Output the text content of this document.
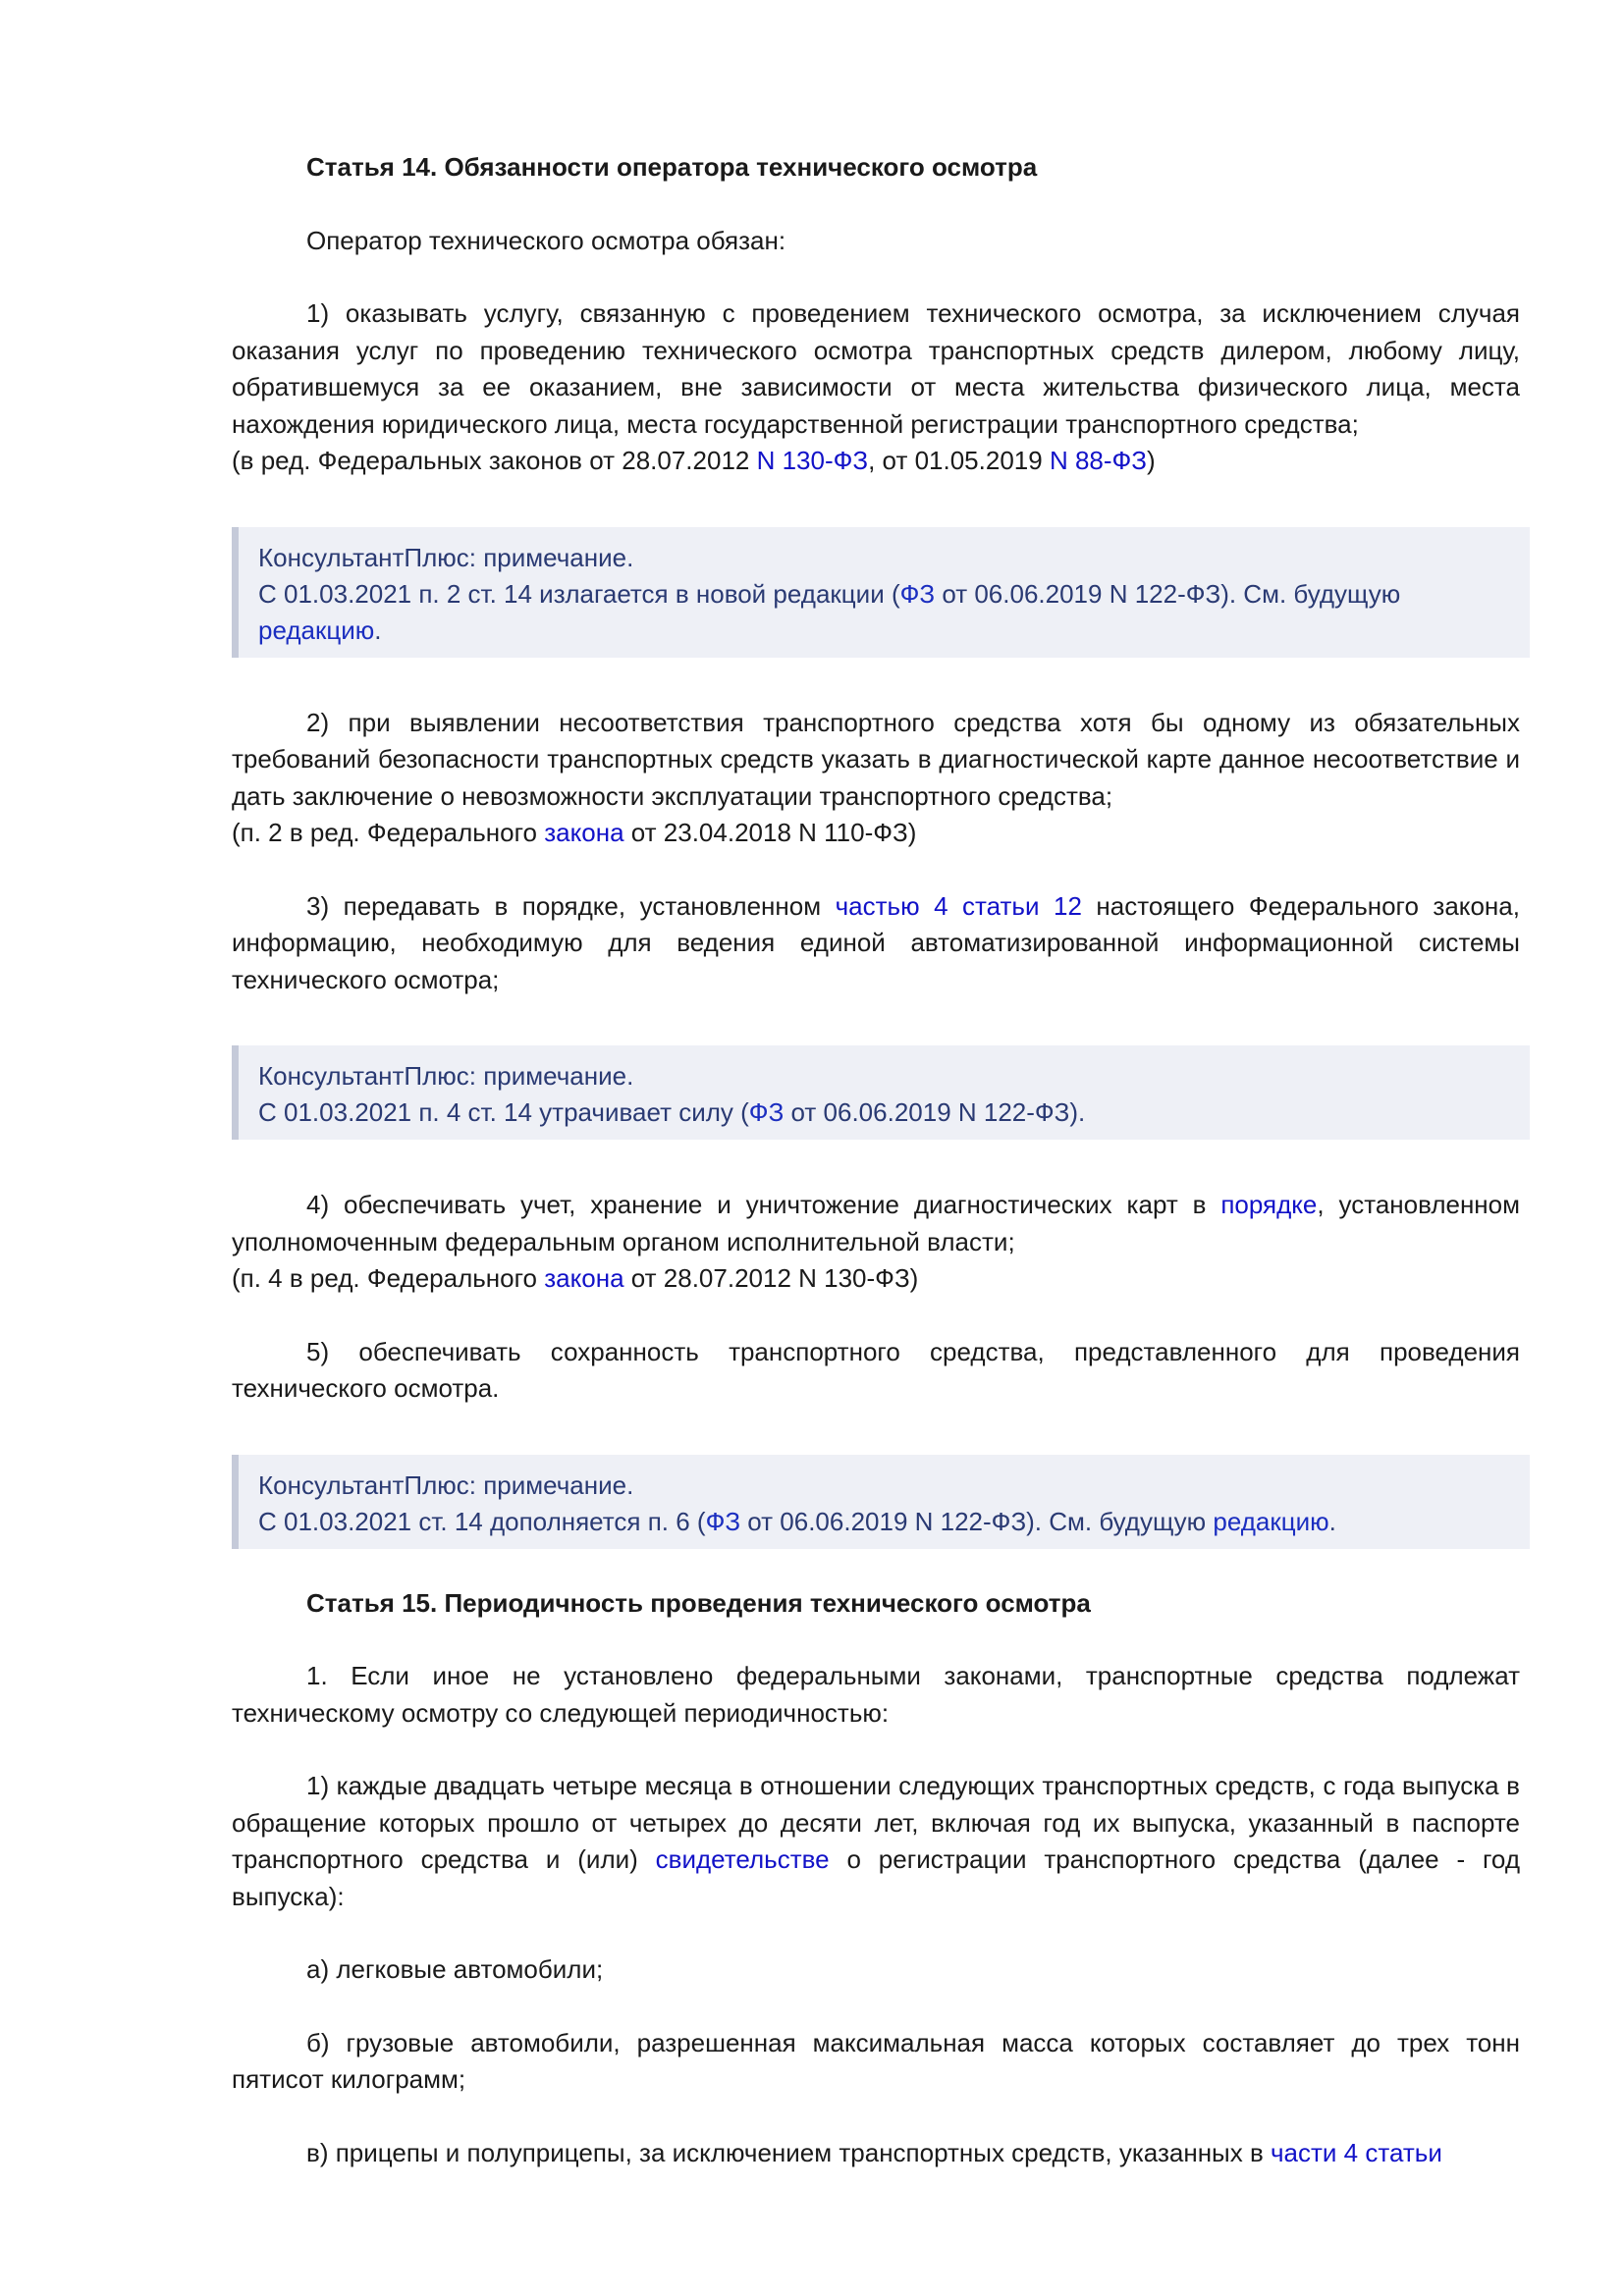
Статья 14. Обязанности оператора технического осмотра

Оператор технического осмотра обязан:

1) оказывать услугу, связанную с проведением технического осмотра, за исключением случая оказания услуг по проведению технического осмотра транспортных средств дилером, любому лицу, обратившемуся за ее оказанием, вне зависимости от места жительства физического лица, места нахождения юридического лица, места государственной регистрации транспортного средства;

(в ред. Федеральных законов от 28.07.2012 N 130-ФЗ, от 01.05.2019 N 88-ФЗ)

КонсультантПлюс: примечание.

С 01.03.2021 п. 2 ст. 14 излагается в новой редакции (ФЗ от 06.06.2019 N 122-ФЗ). См. будущую
редакцию.

2) при выявлении несоответствия транспортного средства хотя бы одному из обязательных требований безопасности транспортных средств указать в диагностической карте данное несоответствие и дать заключение о невозможности эксплуатации транспортного средства;

(п. 2 в ред. Федерального закона от 23.04.2018 N 110-ФЗ)

3) передавать в порядке, установленном частью 4 статьи 12 настоящего Федерального закона, информацию, необходимую для ведения единой автоматизированной информационной системы технического осмотра;

КонсультантПлюс: примечание.

С 01.03.2021 п. 4 ст. 14 утрачивает силу (ФЗ от 06.06.2019 N 122-ФЗ).

4) обеспечивать учет, хранение и уничтожение диагностических карт в порядке, установленном уполномоченным федеральным органом исполнительной власти;

(п. 4 в ред. Федерального закона от 28.07.2012 N 130-ФЗ)

5) обеспечивать сохранность транспортного средства, представленного для проведения технического осмотра.

КонсультантПлюс: примечание.

С 01.03.2021 ст. 14 дополняется п. 6 (ФЗ от 06.06.2019 N 122-ФЗ). См. будущую редакцию.

Статья 15. Периодичность проведения технического осмотра

1. Если иное не установлено федеральными законами, транспортные средства подлежат техническому осмотру со следующей периодичностью:

1) каждые двадцать четыре месяца в отношении следующих транспортных средств, с года выпуска в обращение которых прошло от четырех до десяти лет, включая год их выпуска, указанный в паспорте транспортного средства и (или) свидетельстве о регистрации транспортного средства (далее - год выпуска):

а) легковые автомобили;

б) грузовые автомобили, разрешенная максимальная масса которых составляет до трех тонн пятисот килограмм;

в) прицепы и полуприцепы, за исключением транспортных средств, указанных в части 4 статьи
